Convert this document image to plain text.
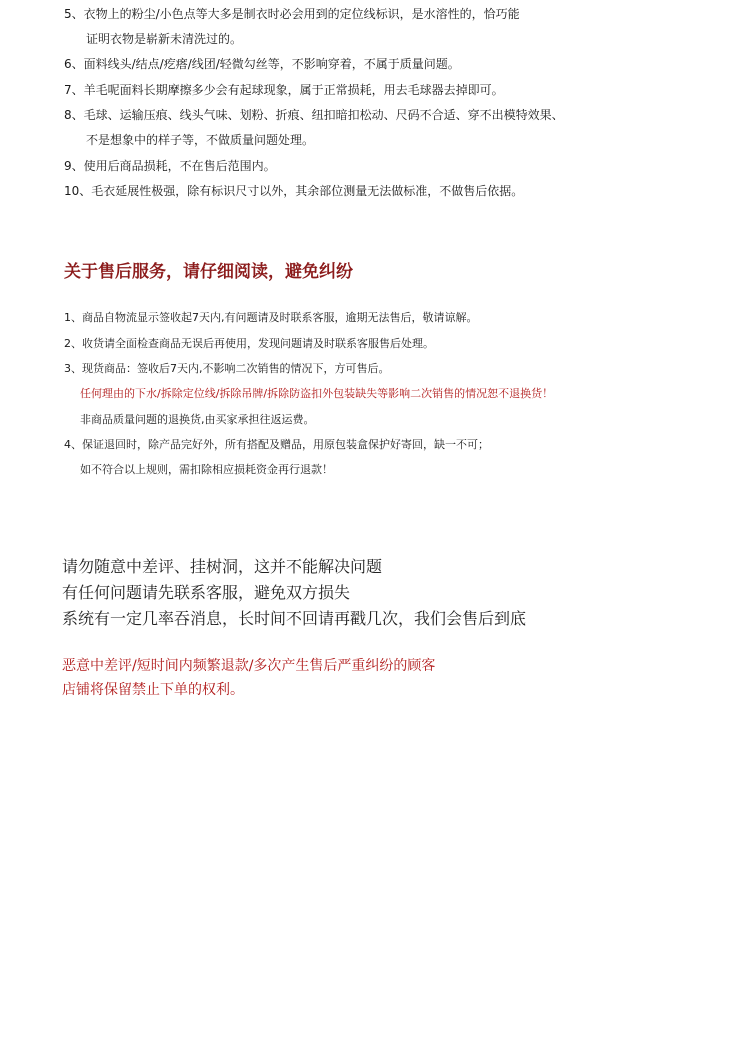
5、衣物上的粉尘/小色点等大多是制衣时必会用到的定位线标识，是水溶性的，恰巧能

证明衣物是崭新未清洗过的。

6、面料线头/结点/疙瘩/线团/轻微勾丝等，不影响穿着，不属于质量问题。

7、羊毛呢面料长期摩擦多少会有起球现象，属于正常损耗，用去毛球器去掉即可。

8、毛球、运输压痕、线头气味、划粉、折痕、纽扣暗扣松动、尺码不合适、穿不出模特效果、

不是想象中的样子等，不做质量问题处理。

9、使用后商品损耗，不在售后范围内。

10、毛衣延展性极强，除有标识尺寸以外，其余部位测量无法做标准，不做售后依据。

关于售后服务，请仔细阅读，避免纠纷

1、商品自物流显示签收起7天内,有问题请及时联系客服，逾期无法售后，敬请谅解。

2、收货请全面检查商品无误后再使用，发现问题请及时联系客服售后处理。

3、现货商品：签收后7天内,不影响二次销售的情况下，方可售后。

任何理由的下水/拆除定位线/拆除吊牌/拆除防盗扣外包装缺失等影响二次销售的情况恕不退换货！

非商品质量问题的退换货,由买家承担往返运费。

4、保证退回时，除产品完好外，所有搭配及赠品，用原包装盒保护好寄回，缺一不可；

如不符合以上规则，需扣除相应损耗资金再行退款！

请勿随意中差评、挂树洞，这并不能解决问题

有任何问题请先联系客服，避免双方损失

系统有一定几率吞消息，长时间不回请再戳几次，我们会售后到底

恶意中差评/短时间内频繁退款/多次产生售后严重纠纷的顾客

店铺将保留禁止下单的权利。
